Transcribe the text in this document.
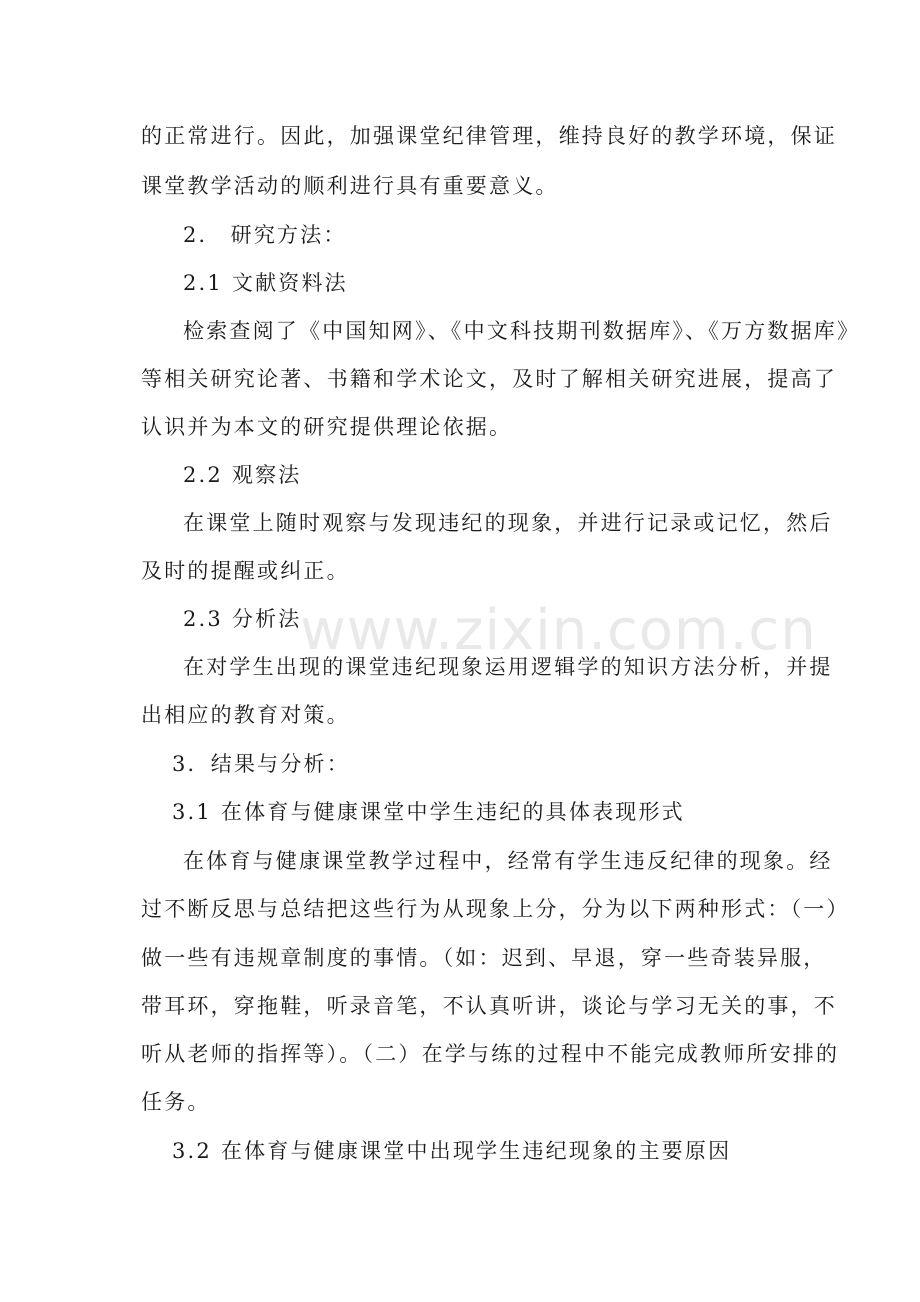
www.zixin.com.cn
的正常进行。因此，加强课堂纪律管理，维持良好的教学环境，保证
课堂教学活动的顺利进行具有重要意义。
2． 研究方法：
2.1 文献资料法
检索查阅了《中国知网》、《中文科技期刊数据库》、《万方数据库》
等相关研究论著、书籍和学术论文，及时了解相关研究进展，提高了
认识并为本文的研究提供理论依据。
2.2 观察法
在课堂上随时观察与发现违纪的现象，并进行记录或记忆，然后
及时的提醒或纠正。
2.3 分析法
在对学生出现的课堂违纪现象运用逻辑学的知识方法分析，并提
出相应的教育对策。
3．结果与分析：
3.1 在体育与健康课堂中学生违纪的具体表现形式
在体育与健康课堂教学过程中，经常有学生违反纪律的现象。经
过不断反思与总结把这些行为从现象上分，分为以下两种形式：（一）
做一些有违规章制度的事情。（如：迟到、早退，穿一些奇装异服，
带耳环，穿拖鞋，听录音笔，不认真听讲，谈论与学习无关的事，不
听从老师的指挥等）。（二）在学与练的过程中不能完成教师所安排的
任务。
3.2 在体育与健康课堂中出现学生违纪现象的主要原因
